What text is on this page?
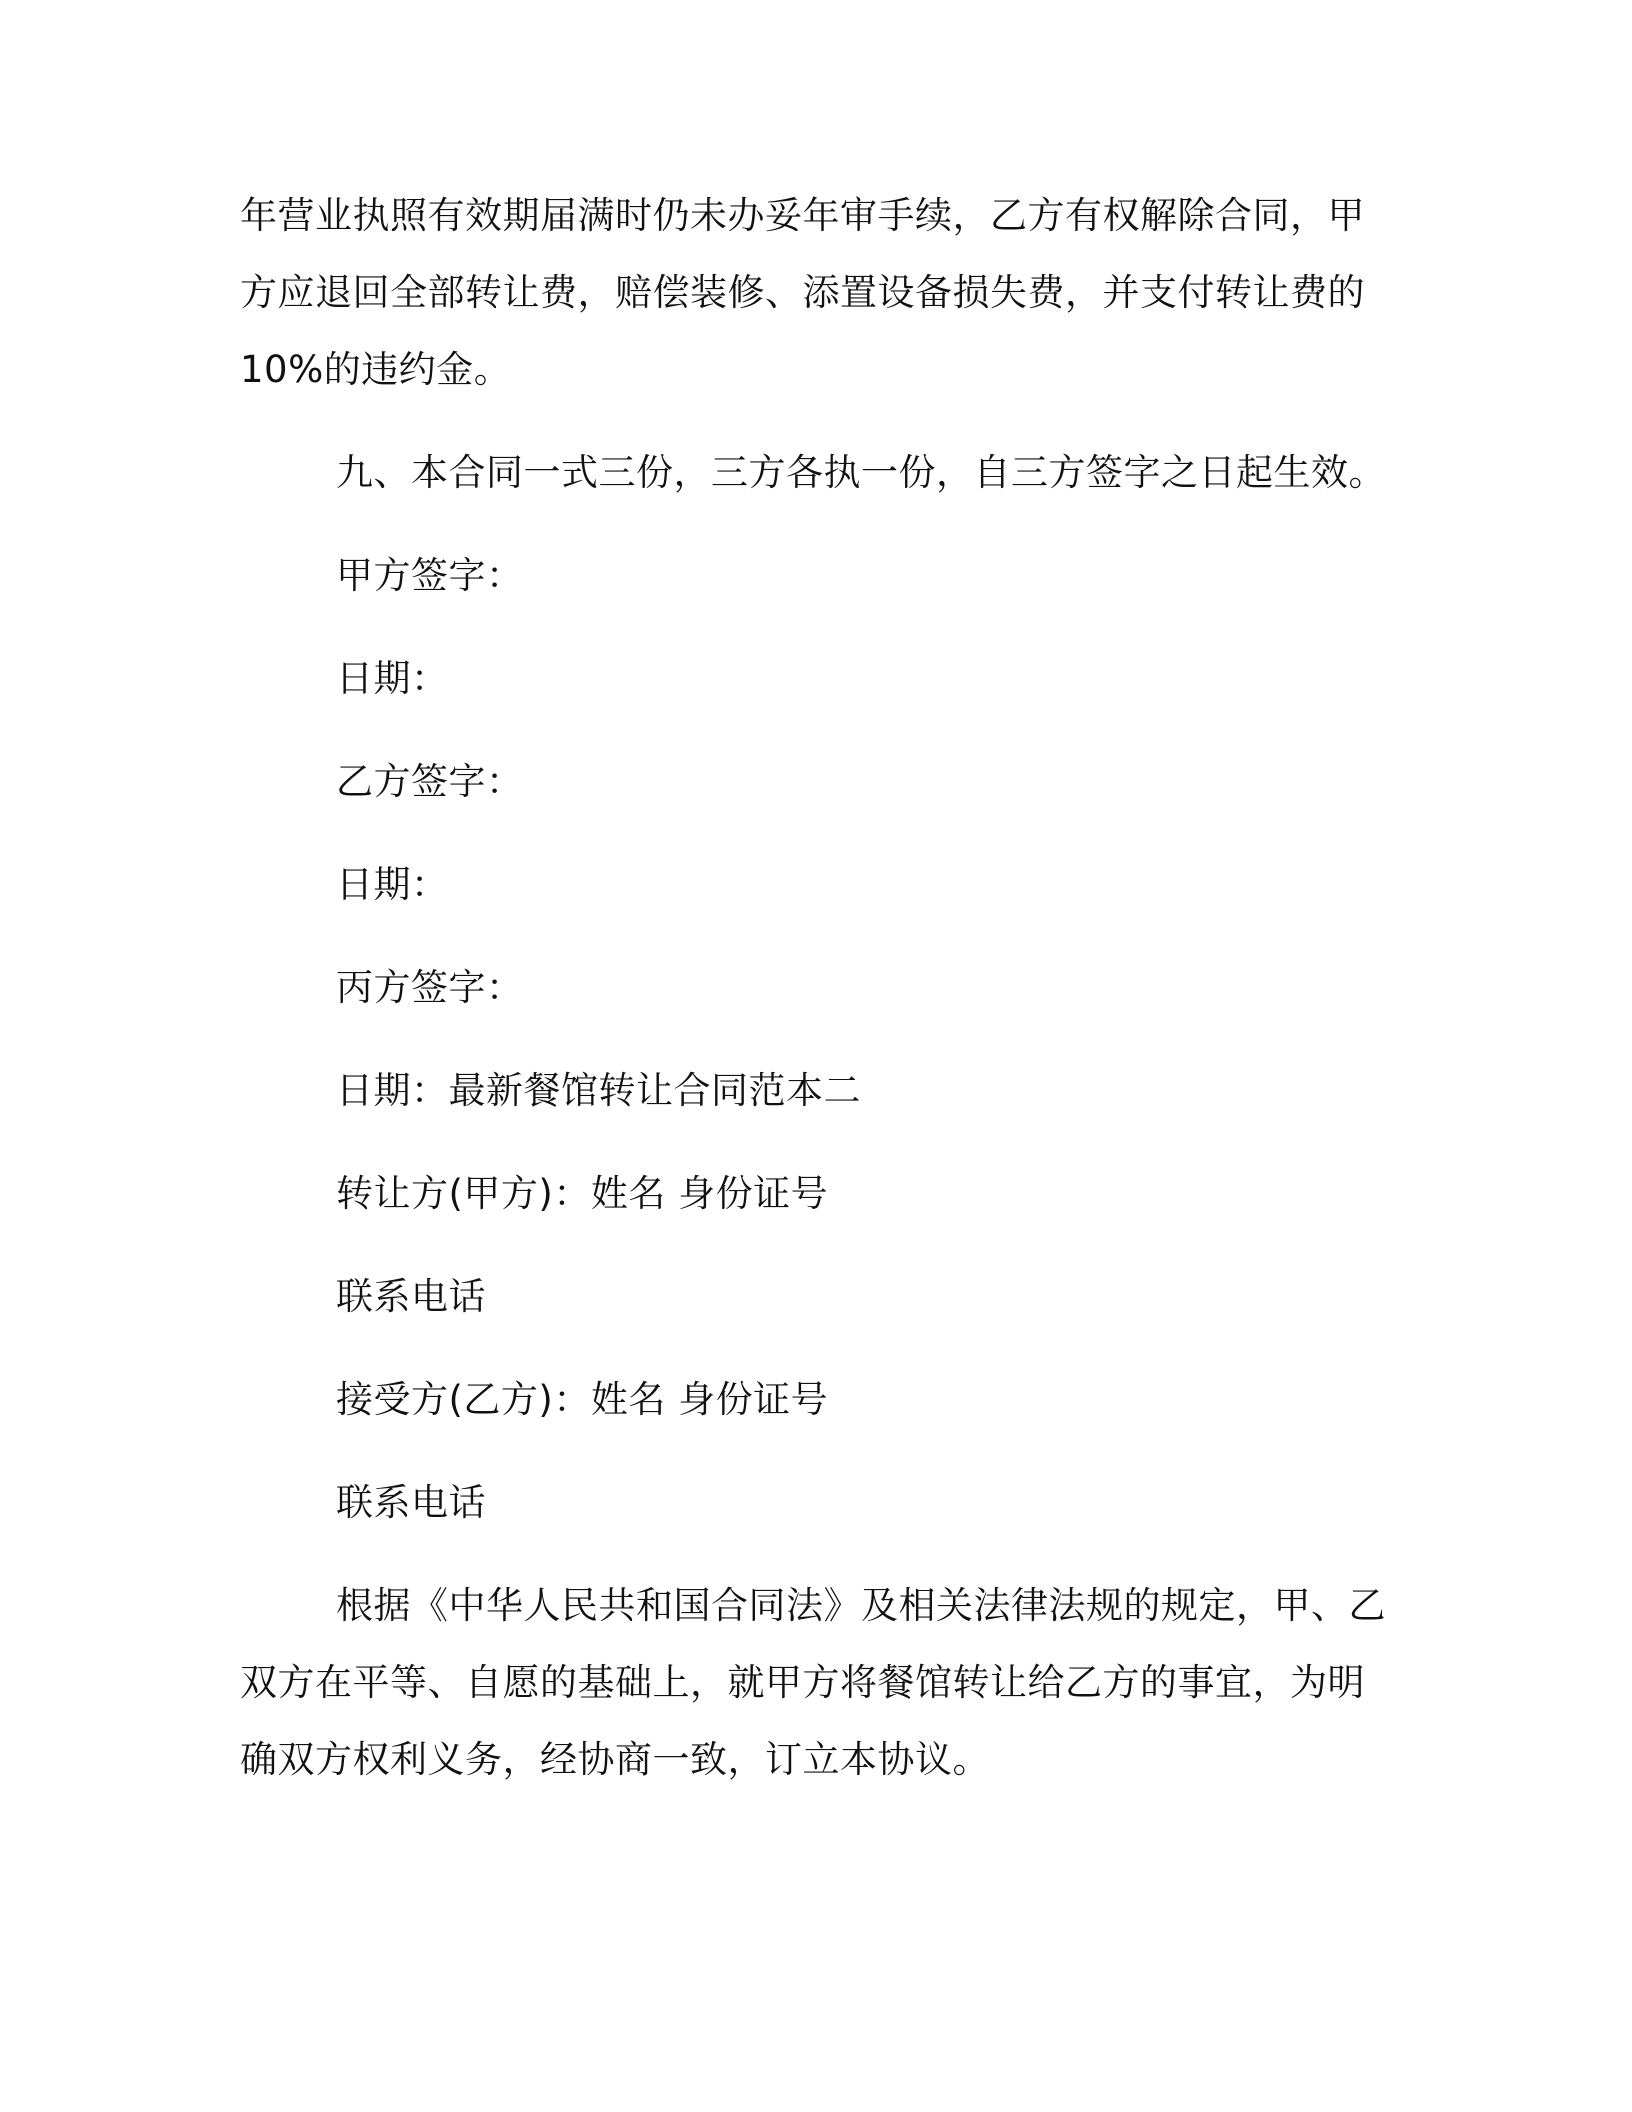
年营业执照有效期届满时仍未办妥年审手续，乙方有权解除合同，甲
方应退回全部转让费，赔偿装修、添置设备损失费，并支付转让费的
10%的违约金。
九、本合同一式三份，三方各执一份，自三方签字之日起生效。
甲方签字：
日期：
乙方签字：
日期：
丙方签字：
日期：最新餐馆转让合同范本二
转让方(甲方)：姓名 身份证号
联系电话
接受方(乙方)：姓名 身份证号
联系电话
根据《中华人民共和国合同法》及相关法律法规的规定，甲、乙
双方在平等、自愿的基础上，就甲方将餐馆转让给乙方的事宜，为明
确双方权利义务，经协商一致，订立本协议。
